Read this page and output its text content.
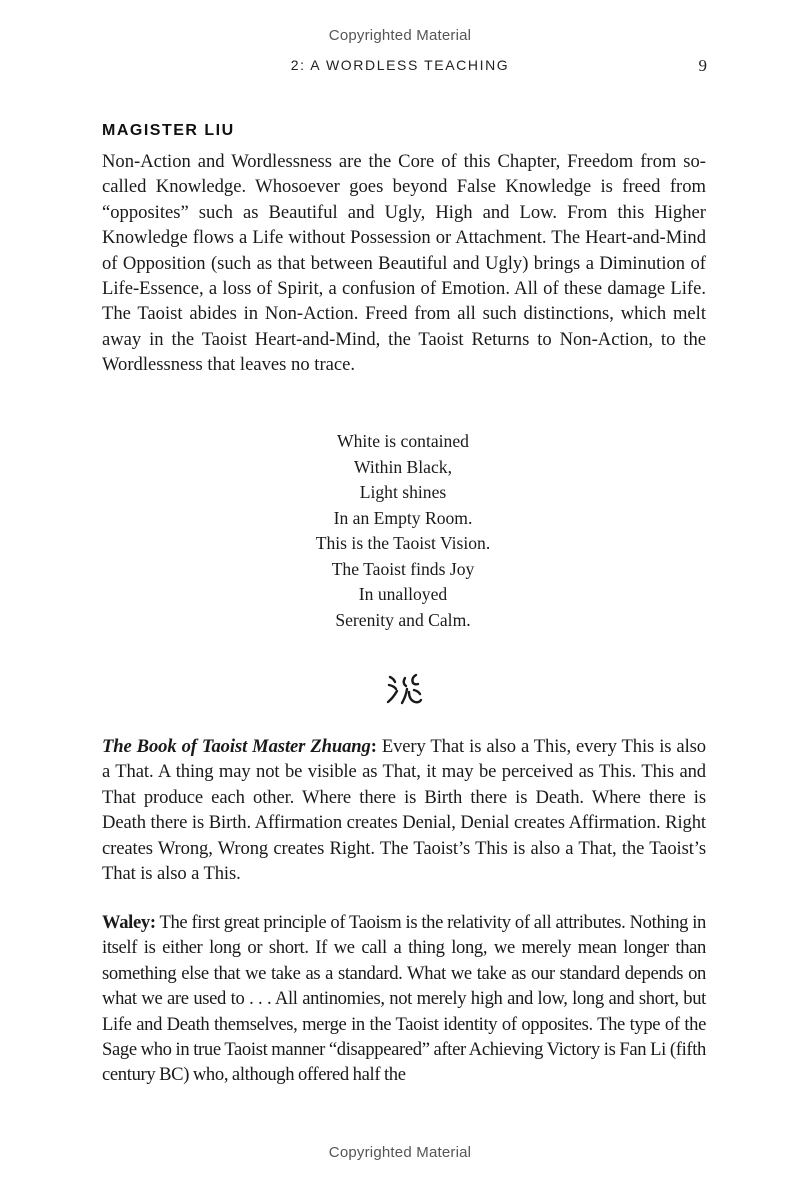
Copyrighted Material
2: A WORDLESS TEACHING	9
MAGISTER LIU

Non-Action and Wordlessness are the Core of this Chapter, Freedom from so-called Knowledge. Whosoever goes beyond False Knowledge is freed from “opposites” such as Beautiful and Ugly, High and Low. From this Higher Knowledge flows a Life without Possession or Attachment. The Heart-and-Mind of Opposition (such as that between Beautiful and Ugly) brings a Diminution of Life-Essence, a loss of Spirit, a confusion of Emotion. All of these damage Life. The Taoist abides in Non-Action. Freed from all such distinctions, which melt away in the Taoist Heart-and-Mind, the Taoist Returns to Non-Action, to the Wordlessness that leaves no trace.

White is contained
Within Black,
Light shines
In an Empty Room.
This is the Taoist Vision.
The Taoist finds Joy
In unalloyed
Serenity and Calm.

The Book of Taoist Master Zhuang: Every That is also a This, every This is also a That. A thing may not be visible as That, it may be perceived as This. This and That produce each other. Where there is Birth there is Death. Where there is Death there is Birth. Affirmation creates Denial, Denial creates Affirmation. Right creates Wrong, Wrong creates Right. The Taoist’s This is also a That, the Taoist’s That is also a This.

Waley: The first great principle of Taoism is the relativity of all attributes. Nothing in itself is either long or short. If we call a thing long, we merely mean longer than something else that we take as a standard. What we take as our standard depends on what we are used to . . . All antinomies, not merely high and low, long and short, but Life and Death themselves, merge in the Taoist identity of opposites. The type of the Sage who in true Taoist manner “disappeared” after Achieving Victory is Fan Li (fifth century BC) who, although offered half the

Copyrighted Material
